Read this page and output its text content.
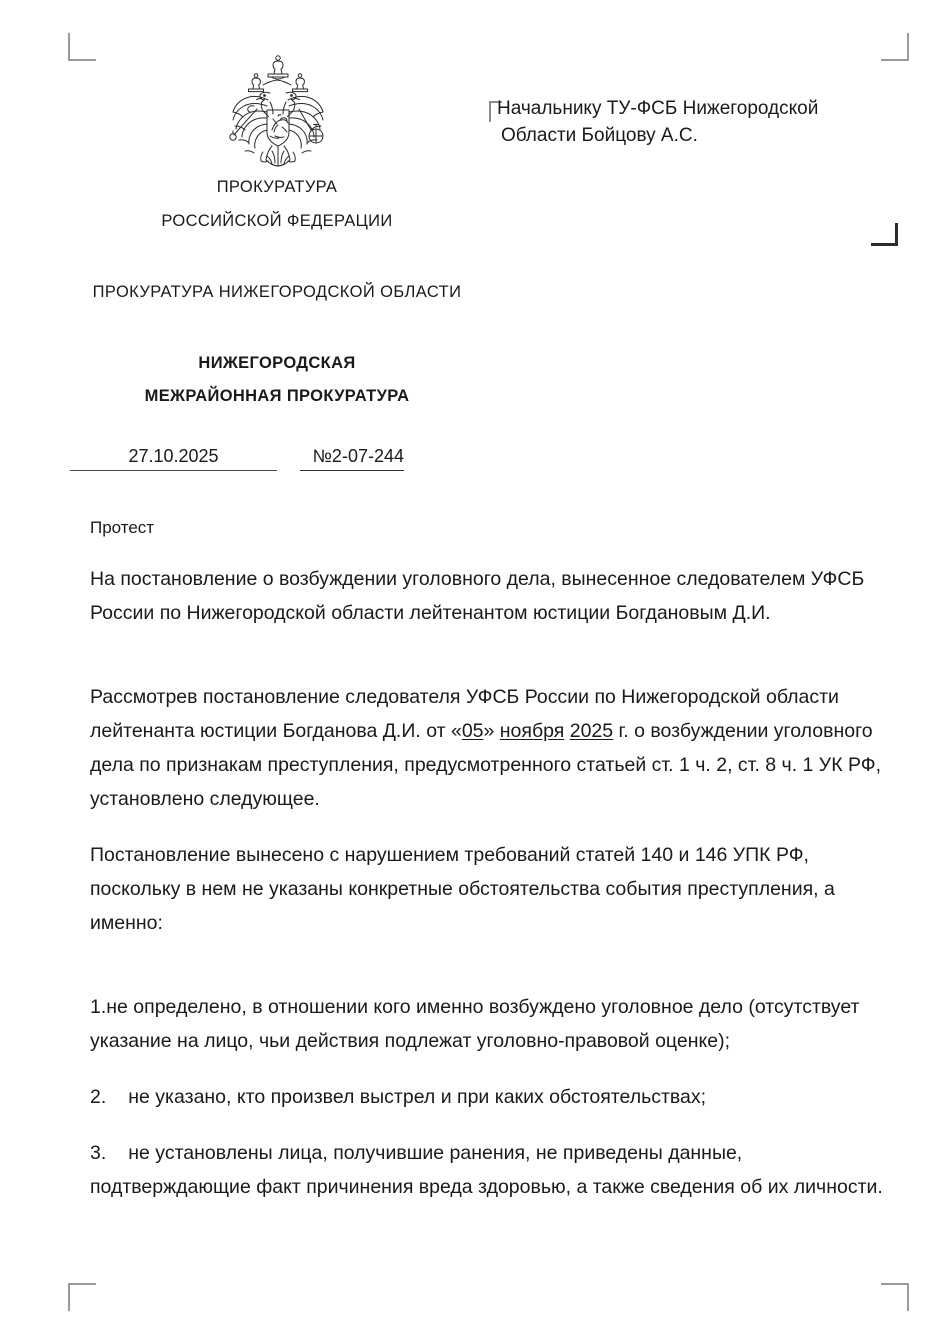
Начальнику ТУ-ФСБ Нижегородской
Области Бойцову А.С.
ПРОКУРАТУРА
РОССИЙСКОЙ ФЕДЕРАЦИИ
ПРОКУРАТУРА НИЖЕГОРОДСКОЙ ОБЛАСТИ
НИЖЕГОРОДСКАЯ
МЕЖРАЙОННАЯ ПРОКУРАТУРА
27.10.2025	№2-07-244
Протест
На постановление о возбуждении уголовного дела, вынесенное следователем УФСБ России по Нижегородской области лейтенантом юстиции Богдановым Д.И.
Рассмотрев постановление следователя УФСБ России по Нижегородской области лейтенанта юстиции Богданова Д.И. от «05» ноября 2025 г. о возбуждении уголовного дела по признакам преступления, предусмотренного статьей ст. 1 ч. 2, ст. 8 ч. 1 УК РФ, установлено следующее.
Постановление вынесено с нарушением требований статей 140 и 146 УПК РФ, поскольку в нем не указаны конкретные обстоятельства события преступления, а именно:
1.не определено, в отношении кого именно возбуждено уголовное дело (отсутствует указание на лицо, чьи действия подлежат уголовно-правовой оценке);
2. не указано, кто произвел выстрел и при каких обстоятельствах;
3. не установлены лица, получившие ранения, не приведены данные, подтверждающие факт причинения вреда здоровью, а также сведения об их личности.
